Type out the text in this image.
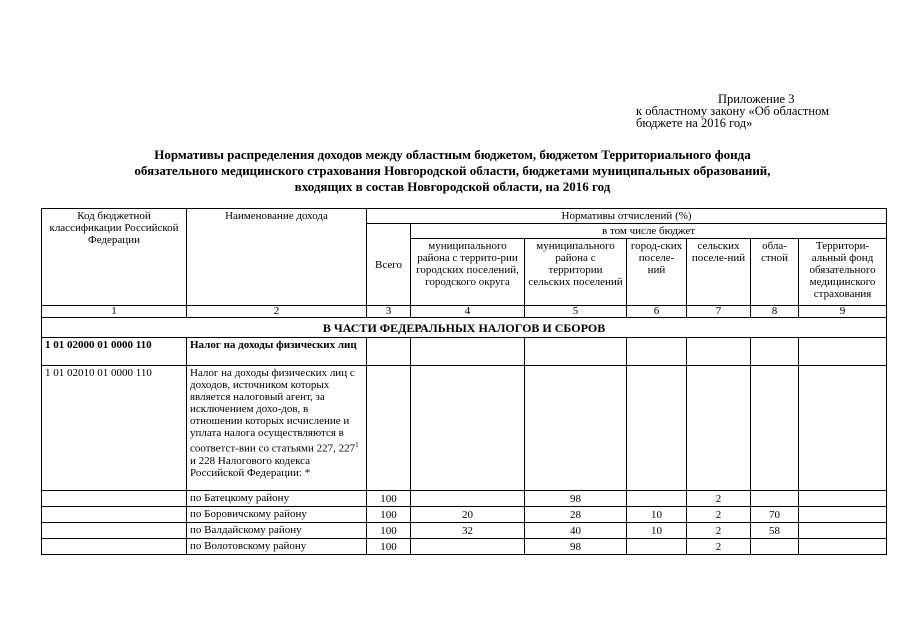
Приложение 3
к областному закону «Об областном
бюджете на 2016 год»
Нормативы распределения доходов между областным бюджетом, бюджетом Территориального фонда
обязательного медицинского страхования Новгородской области, бюджетами муниципальных образований,
входящих в состав Новгородской области, на 2016 год
Код бюджетной классификации Российской Федерации	Наименование дохода	Нормативы отчислений (%)						
		Всего	в том числе бюджет					
			муниципального района с террито-рии городских поселений, городского округа	муниципального района с территории сельских поселений	город-ских поселе-ний	сельских поселе-ний	обла-стной	Территори-альный фонд обязательного медицинского страхования
1	2	3	4	5	6	7	8	9
В ЧАСТИ ФЕДЕРАЛЬНЫХ НАЛОГОВ И СБОРОВ								
1 01 02000 01 0000 110	Налог на доходы физических лиц							
1 01 02010 01 0000 110	Налог на доходы физических лиц с доходов, источником которых является налоговый агент, за исключением дохо-дов, в отношении которых исчисление и уплата налога осуществляются в соответст-вии со статьями 227, $227^1$ и 228 Налогового кодекса Российской Федерации: *							
	по Батецкому району	100		98		2		
	по Боровичскому району	100	20	28	10	2	70	
	по Валдайскому району	100	32	40	10	2	58	
	по Волотовскому району	100		98		2		
